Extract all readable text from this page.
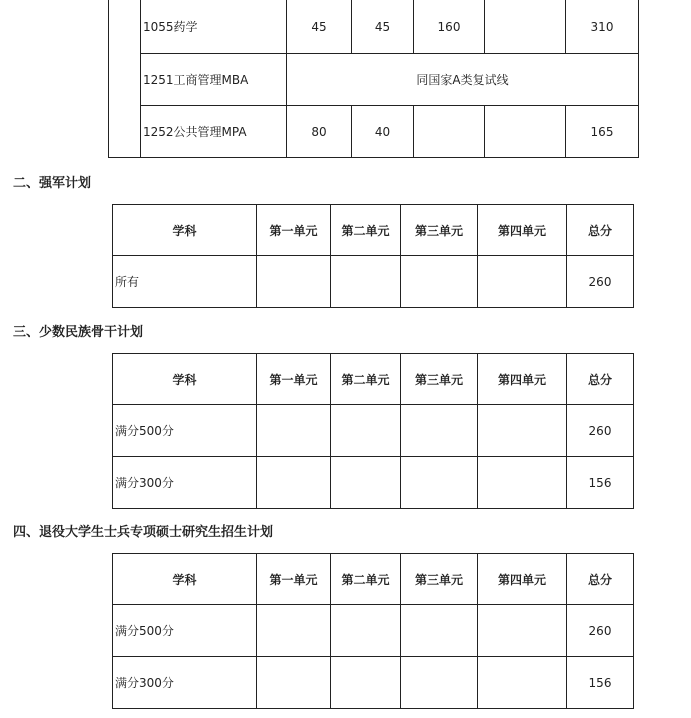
	1055药学	45	45	160		310
	1251工商管理MBA	同国家A类复试线				
	1252公共管理MPA	80	40			165
二、强军计划
学科	第一单元	第二单元	第三单元	第四单元	总分
所有					260
三、少数民族骨干计划
学科	第一单元	第二单元	第三单元	第四单元	总分
满分500分					260
满分300分					156
四、退役大学生士兵专项硕士研究生招生计划
学科	第一单元	第二单元	第三单元	第四单元	总分
满分500分					260
满分300分					156
